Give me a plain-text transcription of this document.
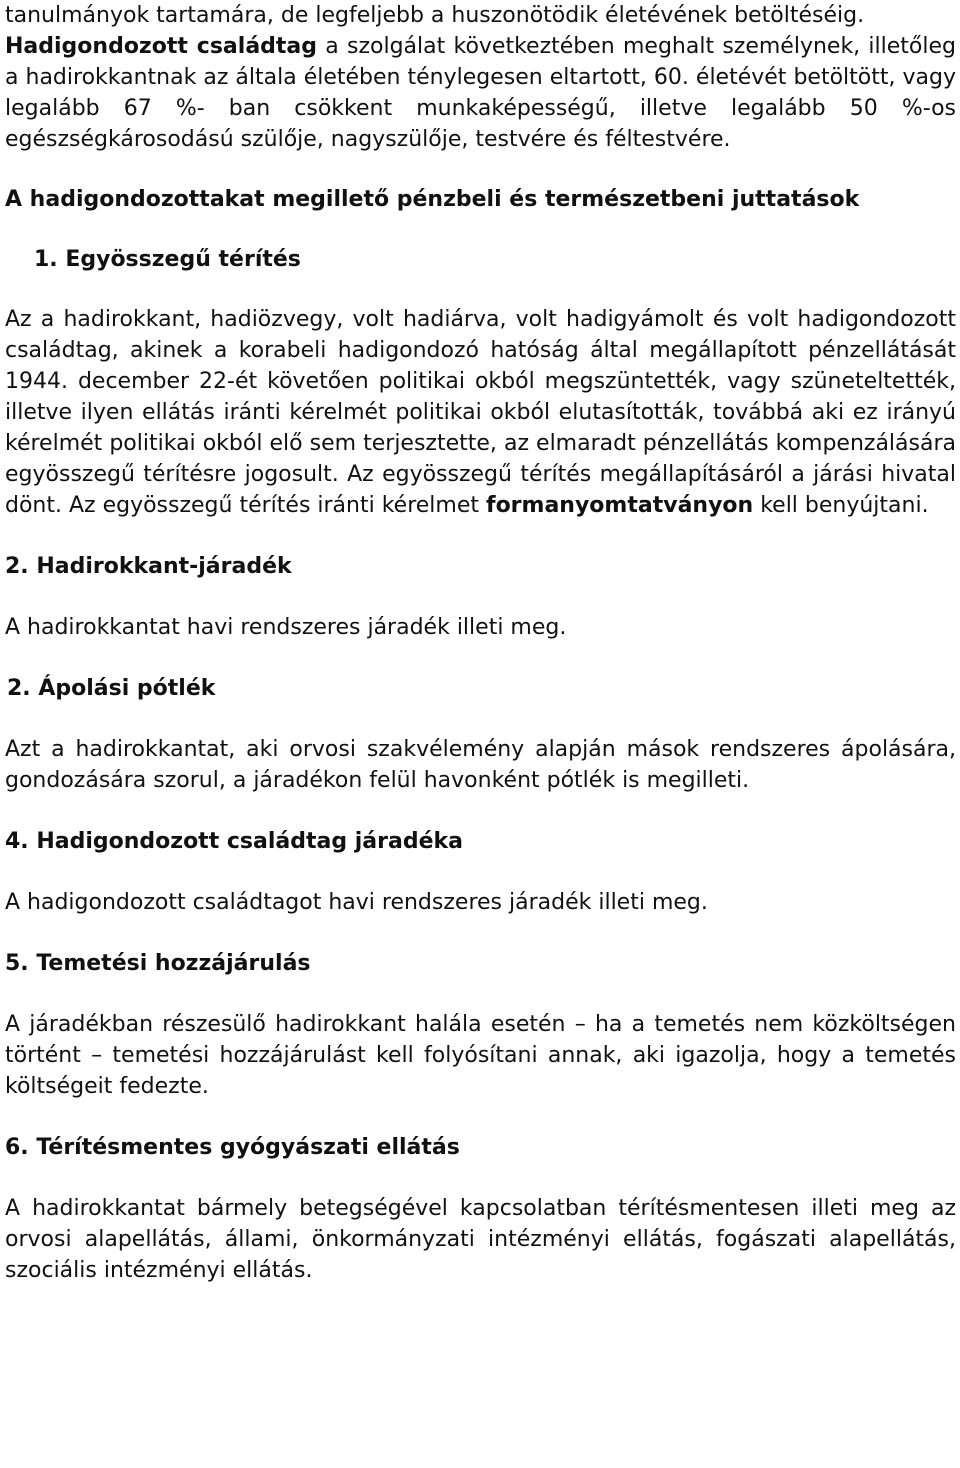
tanulmányok tartamára, de legfeljebb a huszonötödik életévének betöltéséig.

Hadigondozott családtag a szolgálat következtében meghalt személynek, illetőleg a hadirokkantnak az általa életében ténylegesen eltartott, 60. életévét betöltött, vagy legalább 67 %- ban csökkent munkaképességű, illetve legalább 50 %-os egészségkárosodású szülője, nagyszülője, testvére és féltestvére.

A hadigondozottakat megillető pénzbeli és természetbeni juttatások

1. Egyösszegű térítés

Az a hadirokkant, hadiözvegy, volt hadiárva, volt hadigyámolt és volt hadigondozott családtag, akinek a korabeli hadigondozó hatóság által megállapított pénzellátását 1944. december 22-ét követően politikai okból megszüntették, vagy szüneteltették, illetve ilyen ellátás iránti kérelmét politikai okból elutasították, továbbá aki ez irányú kérelmét politikai okból elő sem terjesztette, az elmaradt pénzellátás kompenzálására egyösszegű térítésre jogosult. Az egyösszegű térítés megállapításáról a járási hivatal dönt. Az egyösszegű térítés iránti kérelmet formanyomtatványon kell benyújtani.

2. Hadirokkant-járadék

A hadirokkantat havi rendszeres járadék illeti meg.

2. Ápolási pótlék

Azt a hadirokkantat, aki orvosi szakvélemény alapján mások rendszeres ápolására, gondozására szorul, a járadékon felül havonként pótlék is megilleti.

4. Hadigondozott családtag járadéka

A hadigondozott családtagot havi rendszeres járadék illeti meg.

5. Temetési hozzájárulás

A járadékban részesülő hadirokkant halála esetén – ha a temetés nem közköltségen történt – temetési hozzájárulást kell folyósítani annak, aki igazolja, hogy a temetés költségeit fedezte.

6. Térítésmentes gyógyászati ellátás

A hadirokkantat bármely betegségével kapcsolatban térítésmentesen illeti meg az orvosi alapellátás, állami, önkormányzati intézményi ellátás, fogászati alapellátás, szociális intézményi ellátás.
